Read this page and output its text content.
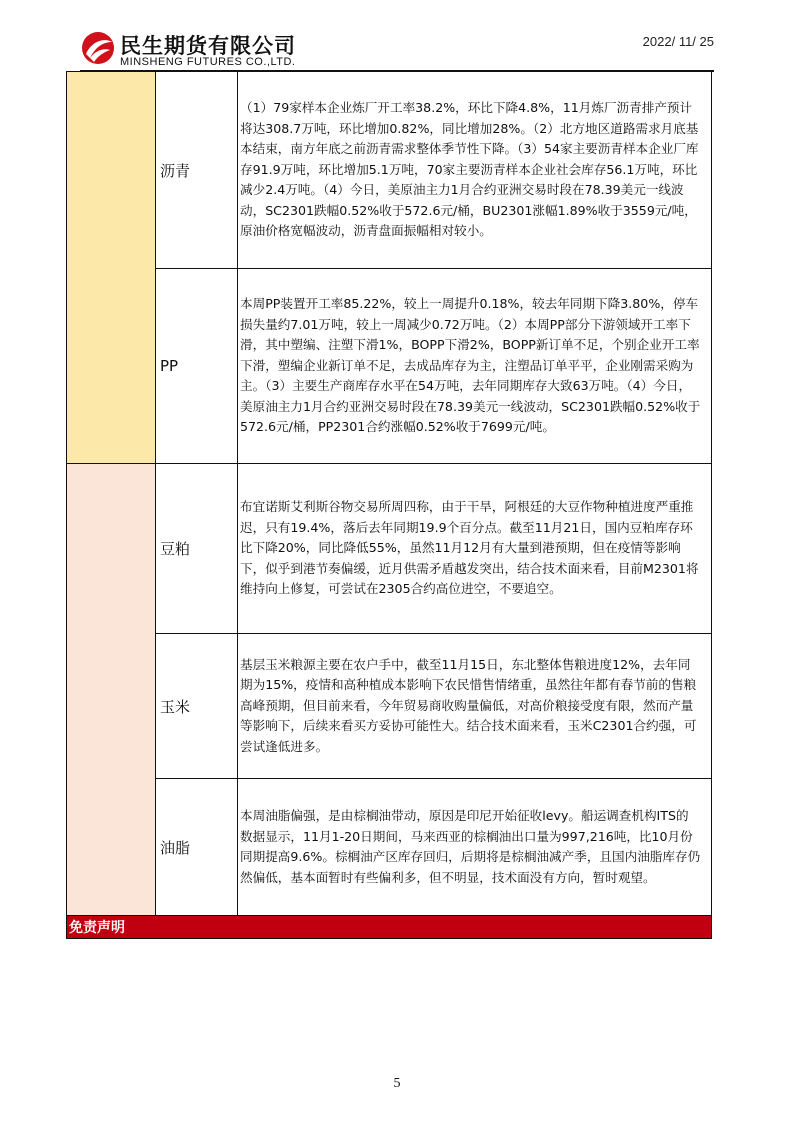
民生期货有限公司
MINSHENG FUTURES CO.,LTD.
2022/ 11/ 25
	沥青	（1）79家样本企业炼厂开工率38.2%，环比下降4.8%，11月炼厂沥青排产预计将达308.7万吨，环比增加0.82%，同比增加28%。（2）北方地区道路需求月底基本结束，南方年底之前沥青需求整体季节性下降。（3）54家主要沥青样本企业厂库存91.9万吨，环比增加5.1万吨，70家主要沥青样本企业社会库存56.1万吨，环比减少2.4万吨。（4）今日，美原油主力1月合约亚洲交易时段在78.39美元一线波动，SC2301跌幅0.52%收于572.6元/桶，BU2301涨幅1.89%收于3559元/吨，原油价格宽幅波动，沥青盘面振幅相对较小。
	PP	本周PP装置开工率85.22%，较上一周提升0.18%，较去年同期下降3.80%，停车损失量约7.01万吨，较上一周减少0.72万吨。（2）本周PP部分下游领域开工率下滑，其中塑编、注塑下滑1%，BOPP下滑2%，BOPP新订单不足，个别企业开工率下滑，塑编企业新订单不足，去成品库存为主，注塑品订单平平，企业刚需采购为主。（3）主要生产商库存水平在54万吨，去年同期库存大致63万吨。（4）今日，美原油主力1月合约亚洲交易时段在78.39美元一线波动，SC2301跌幅0.52%收于572.6元/桶，PP2301合约涨幅0.52%收于7699元/吨。
	豆粕	布宜诺斯艾利斯谷物交易所周四称，由于干旱，阿根廷的大豆作物种植进度严重推迟，只有19.4%，落后去年同期19.9个百分点。截至11月21日，国内豆粕库存环比下降20%，同比降低55%，虽然11月12月有大量到港预期，但在疫情等影响下，似乎到港节奏偏缓，近月供需矛盾越发突出，结合技术面来看，目前M2301将维持向上修复，可尝试在2305合约高位进空，不要追空。
	玉米	基层玉米粮源主要在农户手中，截至11月15日，东北整体售粮进度12%，去年同期为15%，疫情和高种植成本影响下农民惜售情绪重，虽然往年都有春节前的售粮高峰预期，但目前来看，今年贸易商收购量偏低，对高价粮接受度有限，然而产量等影响下，后续来看买方妥协可能性大。结合技术面来看，玉米C2301合约强，可尝试逢低进多。
	油脂	本周油脂偏强，是由棕榈油带动，原因是印尼开始征收levy。船运调查机构ITS的数据显示，11月1-20日期间，马来西亚的棕榈油出口量为997,216吨，比10月份同期提高9.6%。棕榈油产区库存回归，后期将是棕榈油减产季，且国内油脂库存仍然偏低，基本面暂时有些偏利多，但不明显，技术面没有方向，暂时观望。
免责声明		
5
